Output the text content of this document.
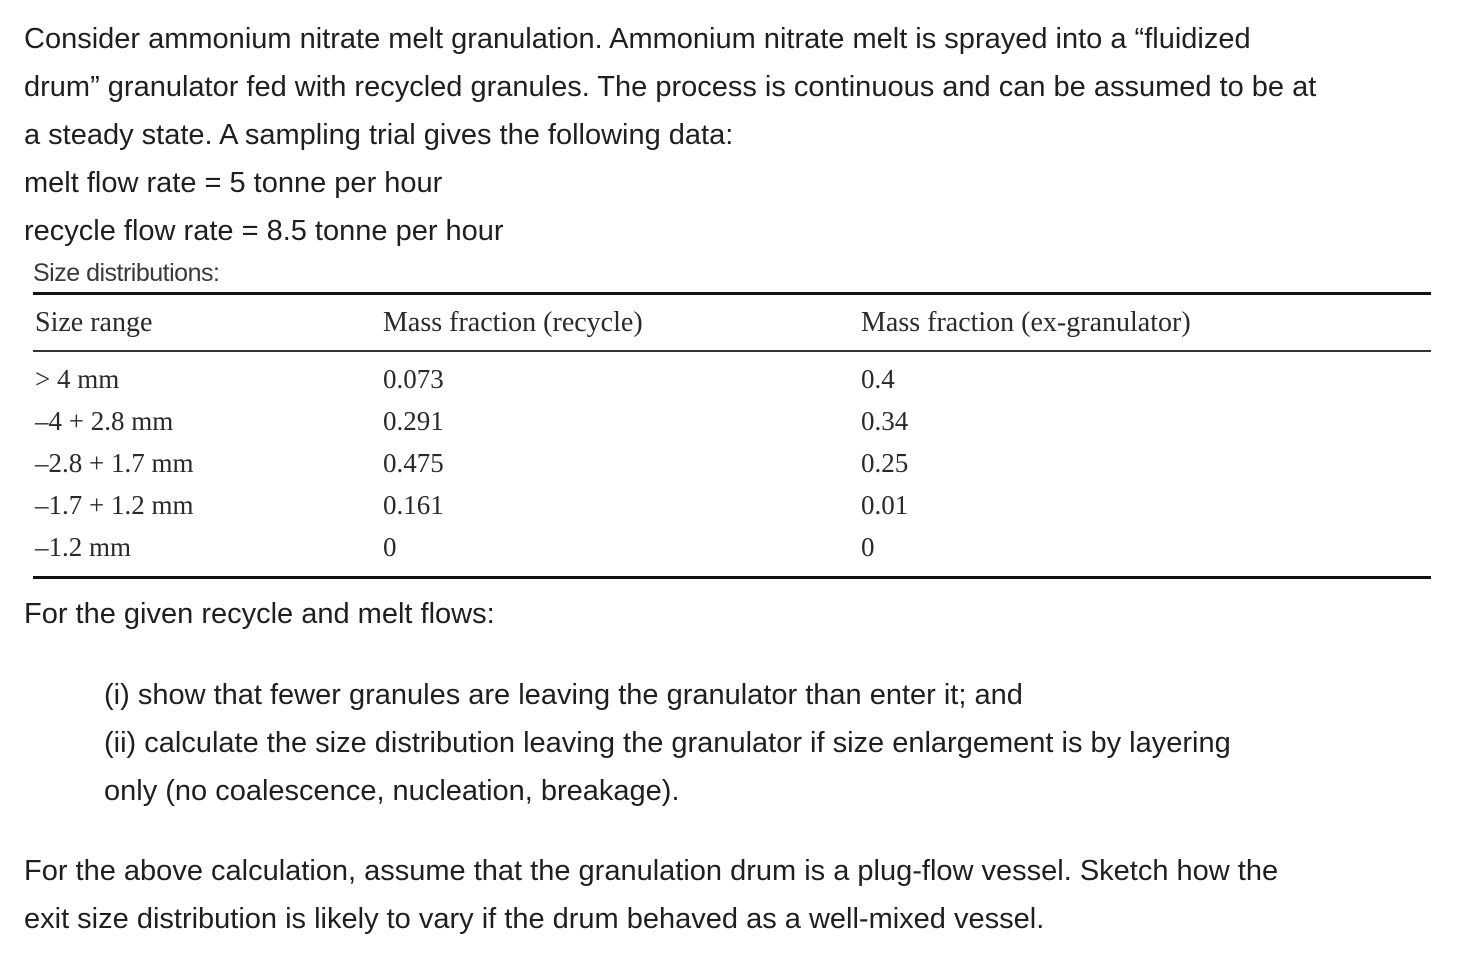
Consider ammonium nitrate melt granulation. Ammonium nitrate melt is sprayed into a “fluidized
drum” granulator fed with recycled granules. The process is continuous and can be assumed to be at
a steady state. A sampling trial gives the following data:
melt flow rate = 5 tonne per hour
recycle flow rate = 8.5 tonne per hour
Size distributions:
Size range	Mass fraction (recycle)	Mass fraction (ex-granulator)

> 4 mm	0.073	0.4
–4 + 2.8 mm	0.291	0.34
–2.8 + 1.7 mm	0.475	0.25
–1.7 + 1.2 mm	0.161	0.01
–1.2 mm	0	0

For the given recycle and melt flows:

(i) show that fewer granules are leaving the granulator than enter it; and
(ii) calculate the size distribution leaving the granulator if size enlargement is by layering
only (no coalescence, nucleation, breakage).
For the above calculation, assume that the granulation drum is a plug-flow vessel. Sketch how the
exit size distribution is likely to vary if the drum behaved as a well-mixed vessel.
